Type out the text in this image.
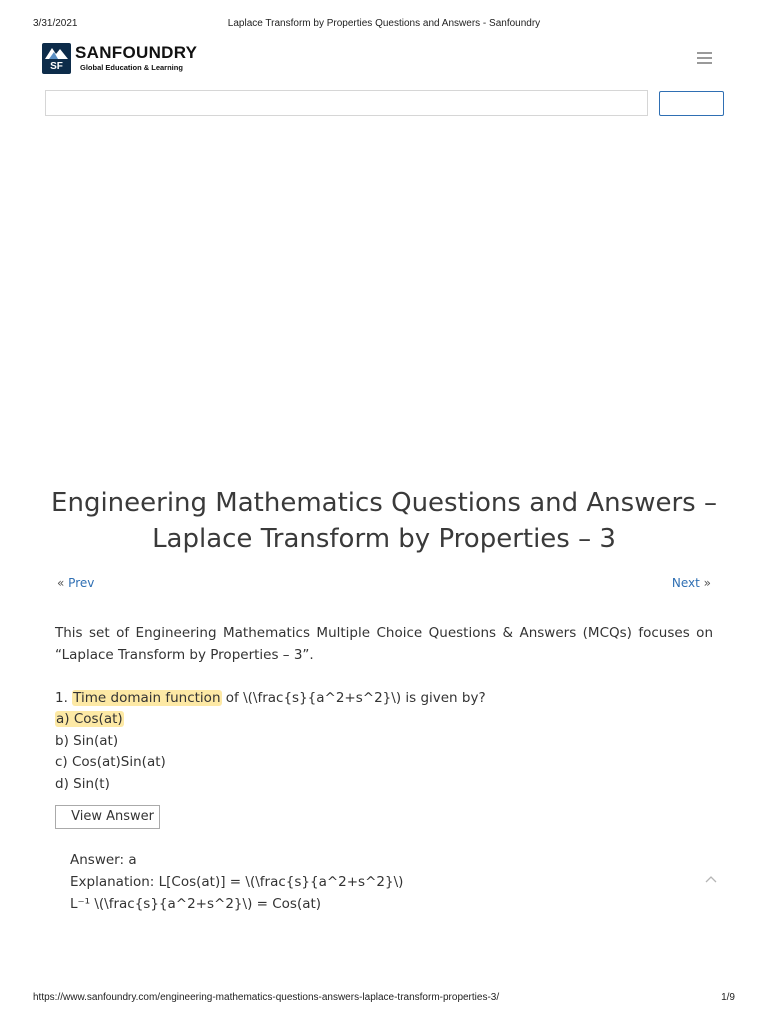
3/31/2021	Laplace Transform by Properties Questions and Answers - Sanfoundry
SF
SANFOUNDRY
Global Education & Learning
Engineering Mathematics Questions and Answers – Laplace Transform by Properties – 3
« Prev	Next »

This set of Engineering Mathematics Multiple Choice Questions & Answers (MCQs) focuses on “Laplace Transform by Properties – 3”.

1. Time domain function of \(\frac{s}{a^2+s^2}\) is given by?

a) Cos(at)
b) Sin(at)
c) Cos(at)Sin(at)
d) Sin(t)
View Answer

Answer: a

Explanation: L[Cos(at)] = \(\frac{s}{a^2+s^2}\)

L⁻¹ \(\frac{s}{a^2+s^2}\) = Cos(at)

https://www.sanfoundry.com/engineering-mathematics-questions-answers-laplace-transform-properties-3/	1/9
